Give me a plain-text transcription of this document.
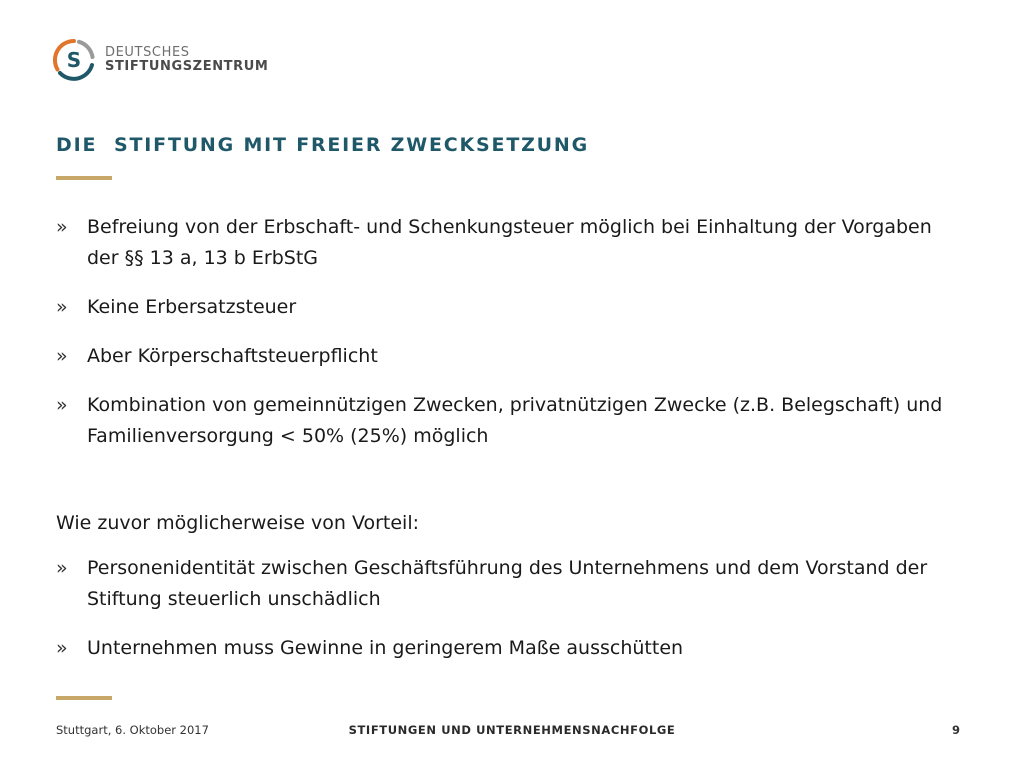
S DEUTSCHES
STIFTUNGSZENTRUM
DIE  STIFTUNG MIT FREIER ZWECKSETZUNG
» Befreiung von der Erbschaft- und Schenkungsteuer möglich bei Einhaltung der Vorgaben der §§ 13 a, 13 b ErbStG
» Keine Erbersatzsteuer
» Aber Körperschaftsteuerpflicht
» Kombination von gemeinnützigen Zwecken, privatnützigen Zwecke (z.B. Belegschaft) und Familienversorgung < 50% (25%) möglich
Wie zuvor möglicherweise von Vorteil:
» Personenidentität zwischen Geschäftsführung des Unternehmens und dem Vorstand der Stiftung steuerlich unschädlich
» Unternehmen muss Gewinne in geringerem Maße ausschütten
Stuttgart, 6. Oktober 2017	STIFTUNGEN UND UNTERNEHMENSNACHFOLGE	9
